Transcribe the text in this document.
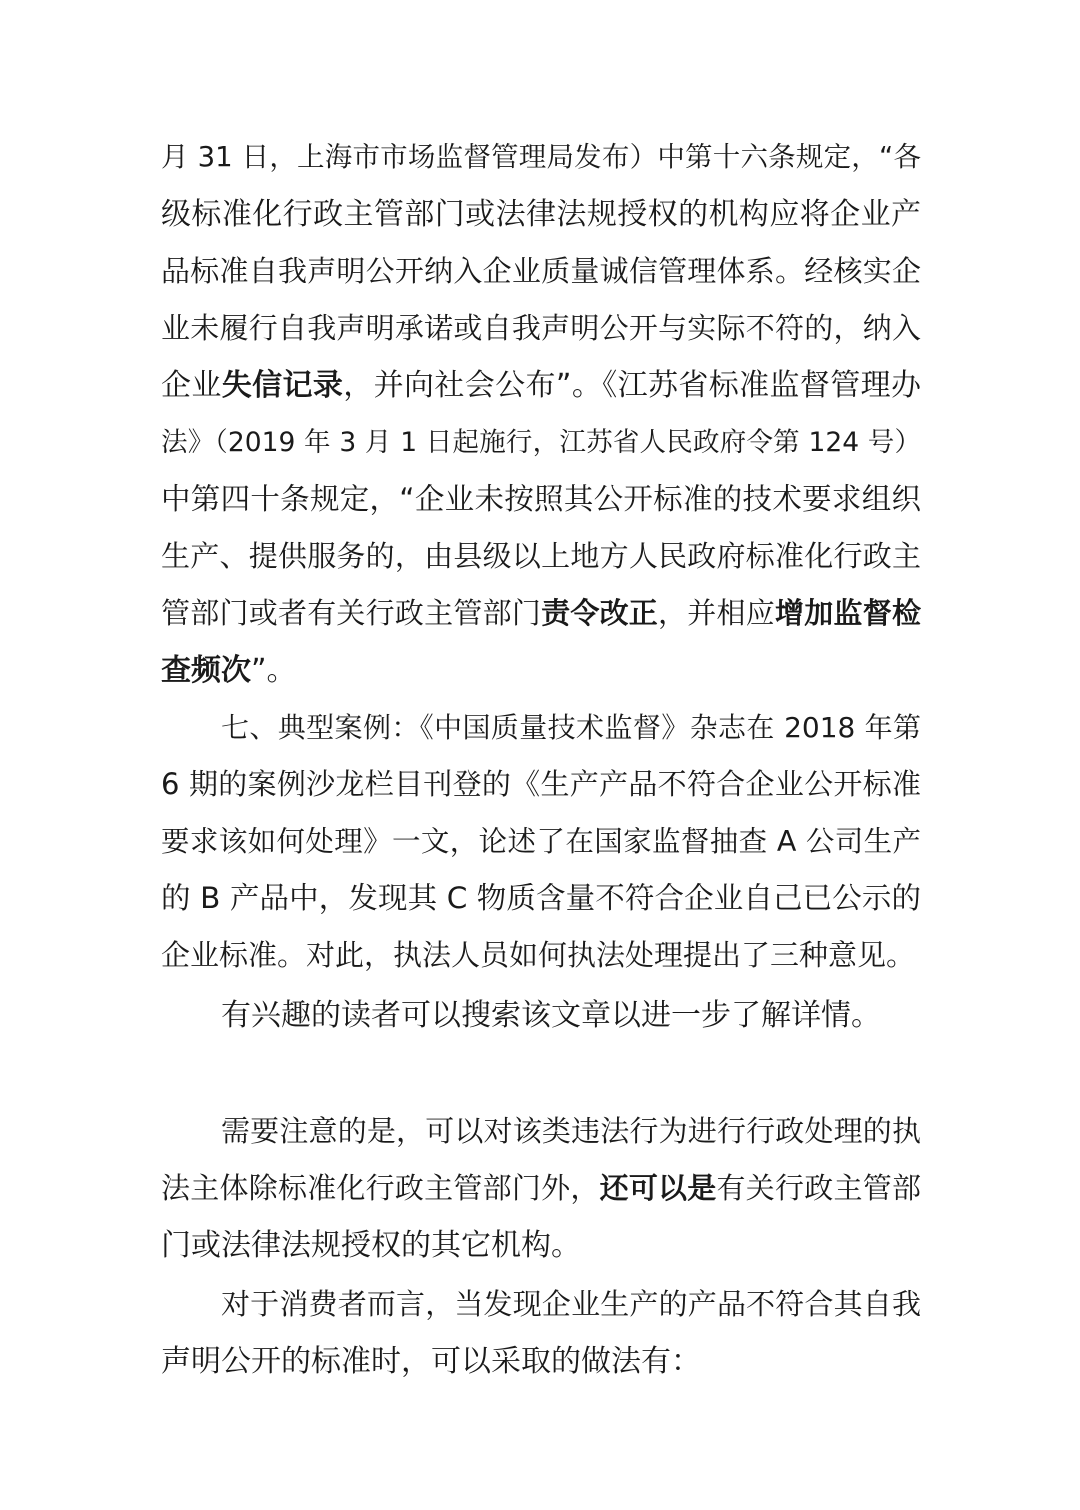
月 31 日，上海市市场监督管理局发布）中第十六条规定，“各
级标准化行政主管部门或法律法规授权的机构应将企业产
品标准自我声明公开纳入企业质量诚信管理体系。经核实企
业未履行自我声明承诺或自我声明公开与实际不符的，纳入
企业失信记录，并向社会公布”。《江苏省标准监督管理办
法》（2019 年 3 月 1 日起施行，江苏省人民政府令第 124 号）
中第四十条规定，“企业未按照其公开标准的技术要求组织
生产、提供服务的，由县级以上地方人民政府标准化行政主
管部门或者有关行政主管部门责令改正，并相应增加监督检
查频次”。
七、典型案例：《中国质量技术监督》杂志在 2018 年第
6 期的案例沙龙栏目刊登的《生产产品不符合企业公开标准
要求该如何处理》一文，论述了在国家监督抽查 A 公司生产
的 B 产品中，发现其 C 物质含量不符合企业自己已公示的
企业标准。对此，执法人员如何执法处理提出了三种意见。
有兴趣的读者可以搜索该文章以进一步了解详情。
需要注意的是，可以对该类违法行为进行行政处理的执
法主体除标准化行政主管部门外，还可以是有关行政主管部
门或法律法规授权的其它机构。
对于消费者而言，当发现企业生产的产品不符合其自我
声明公开的标准时，可以采取的做法有：
